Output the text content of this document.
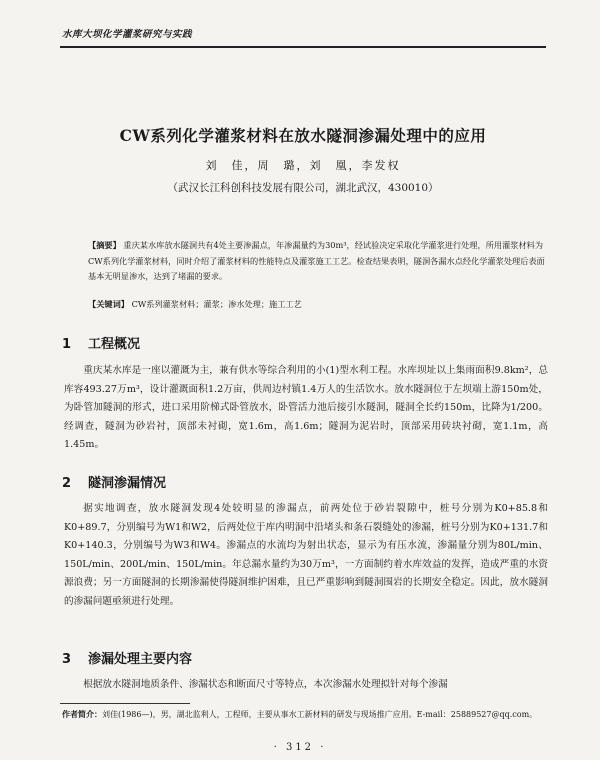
水库大坝化学灌浆研究与实践
CW系列化学灌浆材料在放水隧洞渗漏处理中的应用
刘　佳，周　璐，刘　凰，李发权
（武汉长江科创科技发展有限公司，湖北武汉，430010）
【摘要】 重庆某水库放水隧洞共有4处主要渗漏点，年渗漏量约为30m³，经试验决定采取化学灌浆进行处理，所用灌浆材料为CW系列化学灌浆材料，同时介绍了灌浆材料的性能特点及灌浆施工工艺。检查结果表明，隧洞各漏水点经化学灌浆处理后表面基本无明显渗水，达到了堵漏的要求。
【关键词】 CW系列灌浆材料；灌浆；渗水处理；施工工艺
1 工程概况
重庆某水库是一座以灌溉为主，兼有供水等综合利用的小(1)型水利工程。水库坝址以上集雨面积9.8km²，总库容493.27万m³，设计灌溉面积1.2万亩，供周边村镇1.4万人的生活饮水。放水隧洞位于左坝端上游150m处，为卧管加隧洞的形式，进口采用阶梯式卧管放水，卧管活力池后接引水隧洞，隧洞全长约150m，比降为1/200。经调查，隧洞为砂岩衬，顶部未衬砌，宽1.6m，高1.6m；隧洞为泥岩时，顶部采用砖块衬砌，宽1.1m，高1.45m。
2 隧洞渗漏情况
据实地调查，放水隧洞发现4处较明显的渗漏点，前两处位于砂岩裂隙中，桩号分别为K0+85.8和K0+89.7，分别编号为W1和W2，后两处位于库内明洞中沿堵头和条石裂缝处的渗漏，桩号分别为K0+131.7和K0+140.3，分别编号为W3和W4。渗漏点的水流均为射出状态，显示为有压水流，渗漏量分别为80L/min、150L/min、200L/min、150L/min。年总漏水量约为30万m³，一方面制约着水库效益的发挥，造成严重的水资源浪费；另一方面隧洞的长期渗漏使得隧洞维护困难，且已严重影响到隧洞围岩的长期安全稳定。因此，放水隧洞的渗漏问题亟须进行处理。
3 渗漏处理主要内容
根据放水隧洞地质条件、渗漏状态和断面尺寸等特点，本次渗漏水处理拟针对每个渗漏
作者简介：刘佳(1986—)，男，湖北监利人，工程师，主要从事水工新材料的研发与现场推广应用。E-mail：25889527@qq.com。
· 312 ·
